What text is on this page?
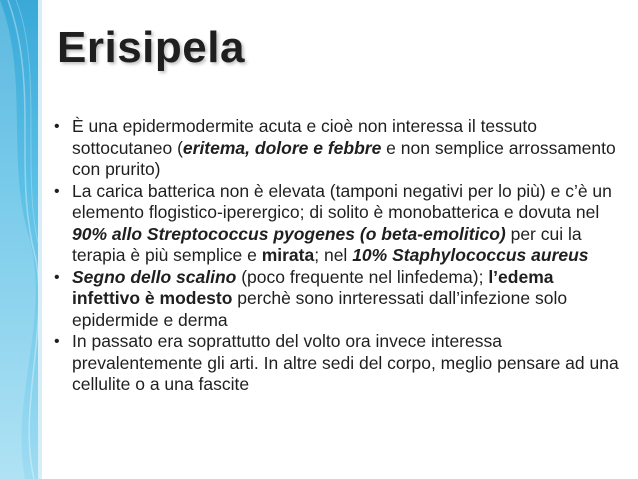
Erisipela
• È una epidermodermite acuta e cioè non interessa il tessuto sottocutaneo (eritema, dolore e febbre e non semplice arrossamento con prurito)
• La carica batterica non è elevata (tamponi negativi per lo più) e c’è un elemento flogistico-iperergico; di solito è monobatterica e dovuta nel 90% allo Streptococcus pyogenes (o beta-emolitico) per cui la terapia è più semplice e mirata; nel 10% Staphylococcus aureus
• Segno dello scalino (poco frequente nel linfedema); l’edema infettivo è modesto perchè sono inrteressati dall’infezione solo epidermide e derma
• In passato era soprattutto del volto ora invece interessa prevalentemente gli arti. In altre sedi del corpo, meglio pensare ad una cellulite o a una fascite
